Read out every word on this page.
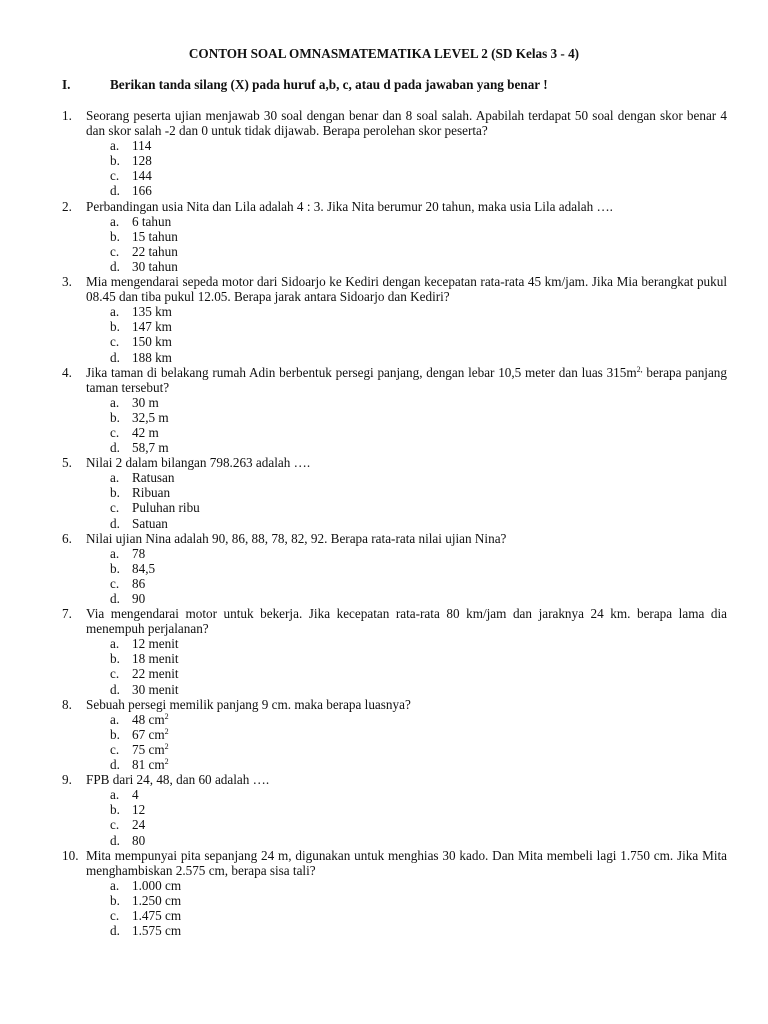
CONTOH SOAL OMNASMATEMATIKA LEVEL 2 (SD Kelas 3 - 4)
I.	Berikan tanda silang (X) pada huruf a,b, c, atau d pada jawaban yang benar !
1. Seorang peserta ujian menjawab 30 soal dengan benar dan 8 soal salah. Apabilah terdapat 50 soal dengan skor benar 4 dan skor salah -2 dan 0 untuk tidak dijawab. Berapa perolehan skor peserta?
a. 114
b. 128
c. 144
d. 166
2. Perbandingan usia Nita dan Lila adalah 4 : 3. Jika Nita berumur 20 tahun, maka usia Lila adalah ….
a. 6 tahun
b. 15 tahun
c. 22 tahun
d. 30 tahun
3. Mia mengendarai sepeda motor dari Sidoarjo ke Kediri dengan kecepatan rata-rata 45 km/jam. Jika Mia berangkat pukul 08.45 dan tiba pukul 12.05. Berapa jarak antara Sidoarjo dan Kediri?
a. 135 km
b. 147 km
c. 150 km
d. 188 km
4. Jika taman di belakang rumah Adin berbentuk persegi panjang, dengan lebar 10,5 meter dan luas $315m^{2,}$ berapa panjang taman tersebut?
a. 30 m
b. 32,5 m
c. 42 m
d. 58,7 m
5. Nilai 2 dalam bilangan 798.263 adalah ….
a. Ratusan
b. Ribuan
c. Puluhan ribu
d. Satuan
6. Nilai ujian Nina adalah 90, 86, 88, 78, 82, 92. Berapa rata-rata nilai ujian Nina?
a. 78
b. 84,5
c. 86
d. 90
7. Via mengendarai motor untuk bekerja. Jika kecepatan rata-rata 80 km/jam dan jaraknya 24 km. berapa lama dia menempuh perjalanan?
a. 12 menit
b. 18 menit
c. 22 menit
d. 30 menit
8. Sebuah persegi memilik panjang 9 cm. maka berapa luasnya?
a. 48 $cm^2$
b. 67 $cm^2$
c. 75 $cm^2$
d. 81 $cm^2$
9. FPB dari 24, 48, dan 60 adalah ….
a. 4
b. 12
c. 24
d. 80
10. Mita mempunyai pita sepanjang 24 m, digunakan untuk menghias 30 kado. Dan Mita membeli lagi 1.750 cm. Jika Mita menghambiskan 2.575 cm, berapa sisa tali?
a. 1.000 cm
b. 1.250 cm
c. 1.475 cm
d. 1.575 cm
